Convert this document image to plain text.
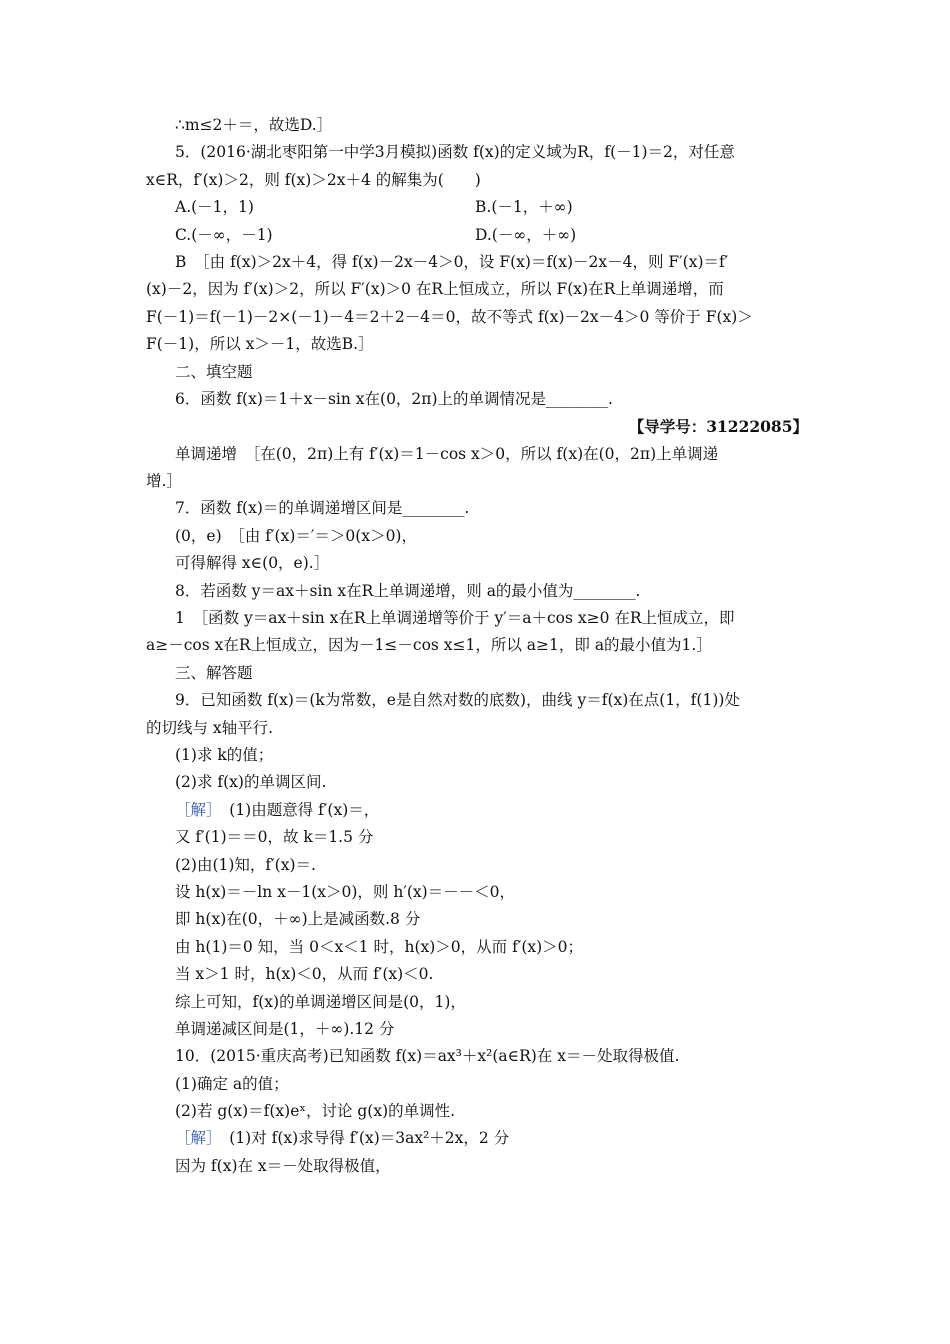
∴m≤2＋＝，故选D.］
5．(2016·湖北枣阳第一中学3月模拟)函数 f(x)的定义域为R，f(－1)＝2，对任意
x∈R，f′(x)＞2，则 f(x)＞2x＋4 的解集为(　　)
A.(－1，1)	B.(－1，＋∞)
C.(－∞，－1)	D.(－∞，＋∞)
B　［由 f(x)＞2x＋4，得 f(x)－2x－4＞0，设 F(x)＝f(x)－2x－4，则 F′(x)＝f′
(x)－2，因为 f′(x)＞2，所以 F′(x)＞0 在R上恒成立，所以 F(x)在R上单调递增，而
F(－1)＝f(－1)－2×(－1)－4＝2＋2－4＝0，故不等式 f(x)－2x－4＞0 等价于 F(x)＞
F(－1)，所以 x＞－1，故选B.］
二、填空题
6．函数 f(x)＝1＋x－sin x在(0，2π)上的单调情况是________.
【导学号：31222085】
单调递增　［在(0，2π)上有 f′(x)＝1－cos x＞0，所以 f(x)在(0，2π)上单调递
增.］
7．函数 f(x)＝的单调递增区间是________.
(0，e)　［由 f′(x)＝′＝＞0(x＞0)，
可得解得 x∈(0，e).］
8．若函数 y＝ax＋sin x在R上单调递增，则 a的最小值为________.
1　［函数 y＝ax＋sin x在R上单调递增等价于 y′＝a＋cos x≥0 在R上恒成立，即
a≥－cos x在R上恒成立，因为－1≤－cos x≤1，所以 a≥1，即 a的最小值为1.］
三、解答题
9．已知函数 f(x)＝(k为常数，e是自然对数的底数)，曲线 y＝f(x)在点(1，f(1))处
的切线与 x轴平行.
(1)求 k的值；
(2)求 f(x)的单调区间.
［解］　(1)由题意得 f′(x)＝，
又 f′(1)＝＝0，故 k＝1.5 分
(2)由(1)知，f′(x)＝.
设 h(x)＝－ln x－1(x＞0)，则 h′(x)＝－－＜0，
即 h(x)在(0，＋∞)上是减函数.8 分
由 h(1)＝0 知，当 0＜x＜1 时，h(x)＞0，从而 f′(x)＞0；
当 x＞1 时，h(x)＜0，从而 f′(x)＜0.
综上可知，f(x)的单调递增区间是(0，1)，
单调递减区间是(1，＋∞).12 分
10．(2015·重庆高考)已知函数 f(x)＝ax³＋x²(a∈R)在 x＝－处取得极值.
(1)确定 a的值；
(2)若 g(x)＝f(x)eˣ，讨论 g(x)的单调性.
［解］　(1)对 f(x)求导得 f′(x)＝3ax²＋2x，2 分
因为 f(x)在 x＝－处取得极值，
